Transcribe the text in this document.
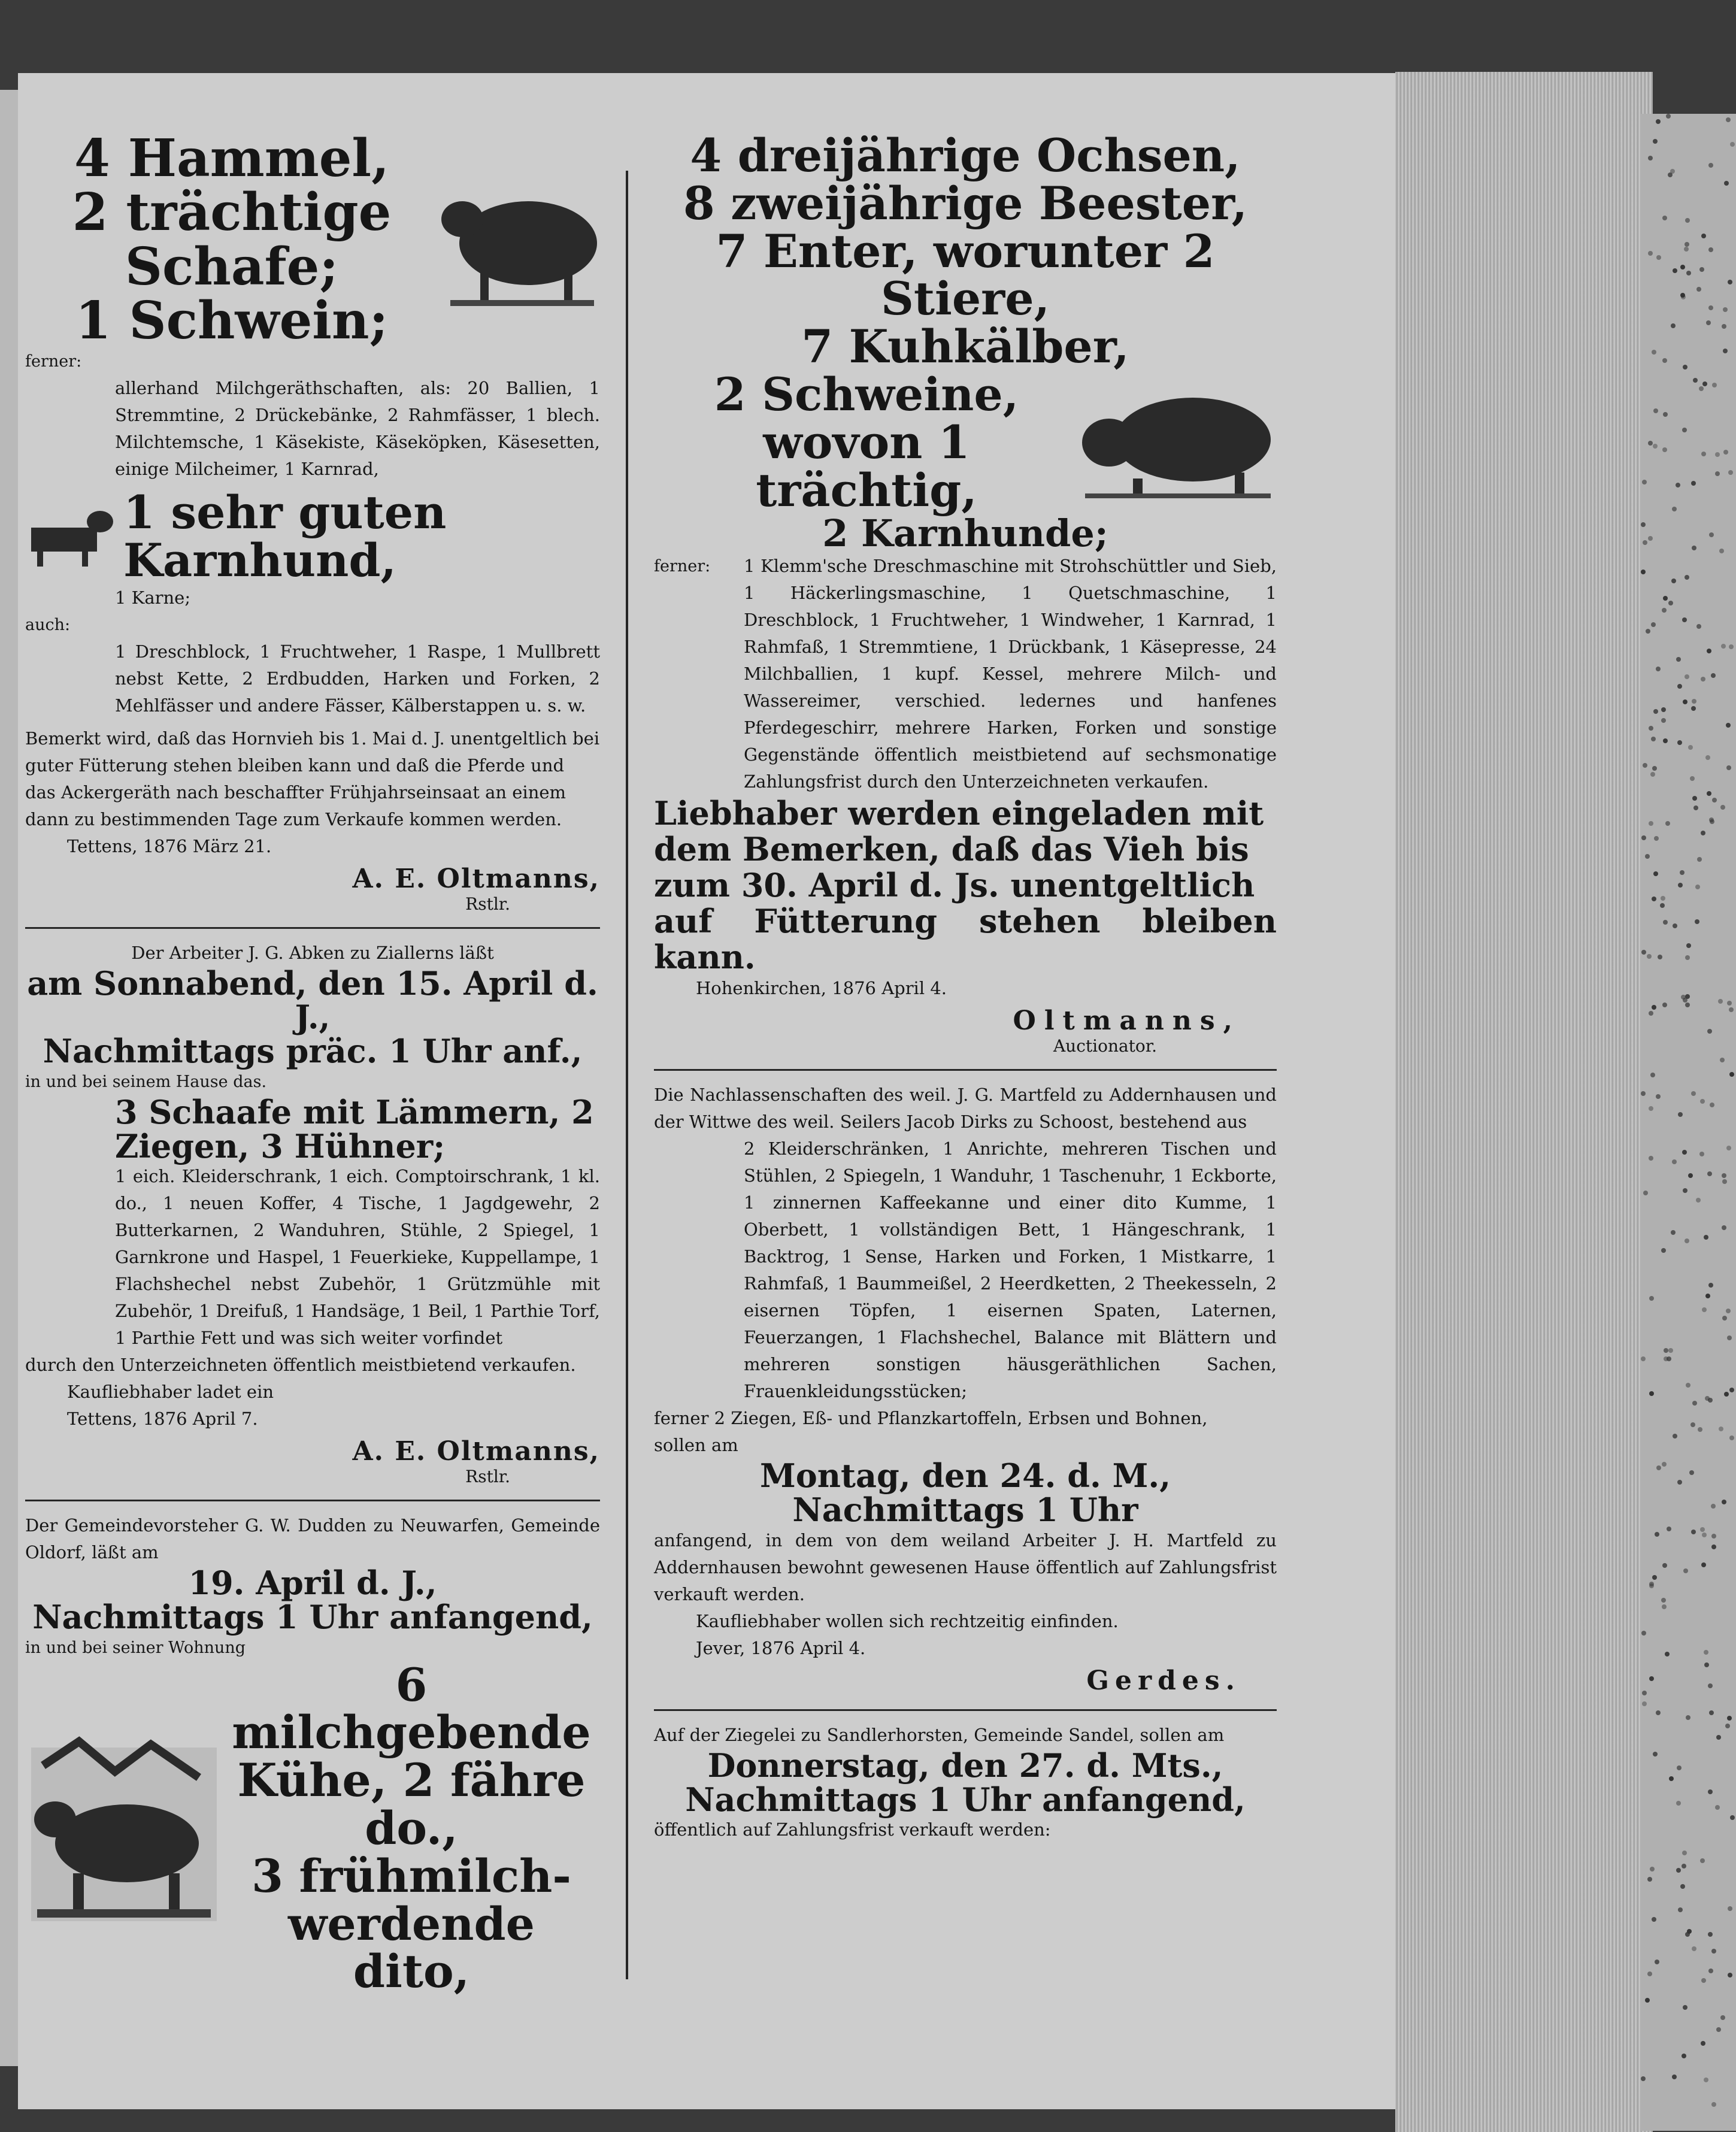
4 Hammel,

2 trächtige Schafe;

1 Schwein;

ferner:

allerhand Milchgeräthschaften, als: 20 Ballien, 1 Stremmtine, 2 Drückebänke, 2 Rahmfässer, 1 blech. Milchtemsche, 1 Käsekiste, Käseköpken, Käsesetten, einige Milcheimer, 1 Karnrad,

1 sehr guten Karnhund,

1 Karne;

auch:

1 Dreschblock, 1 Fruchtweher, 1 Raspe, 1 Mullbrett nebst Kette, 2 Erdbudden, Harken und Forken, 2 Mehlfässer und andere Fässer, Kälberstappen u. s. w.

Bemerkt wird, daß das Hornvieh bis 1. Mai d. J. unentgeltlich bei guter Fütterung stehen bleiben kann und daß die Pferde und das Ackergeräth nach beschaffter Frühjahrseinsaat an einem dann zu bestimmenden Tage zum Verkaufe kommen werden.

Tettens, 1876 März 21.

A. E. Oltmanns,

Rstlr.

Der Arbeiter J. G. Abken zu Ziallerns läßt

am Sonnabend, den 15. April d. J.,

Nachmittags präc. 1 Uhr anf.,

in und bei seinem Hause das.

3 Schaafe mit Lämmern, 2

Ziegen, 3 Hühner;

1 eich. Kleiderschrank, 1 eich. Comptoirschrank, 1 kl. do., 1 neuen Koffer, 4 Tische, 1 Jagdgewehr, 2 Butterkarnen, 2 Wanduhren, Stühle, 2 Spiegel, 1 Garnkrone und Haspel, 1 Feuerkieke, Kuppellampe, 1 Flachshechel nebst Zubehör, 1 Grützmühle mit Zubehör, 1 Dreifuß, 1 Handsäge, 1 Beil, 1 Parthie Torf, 1 Parthie Fett und was sich weiter vorfindet

durch den Unterzeichneten öffentlich meistbietend verkaufen.

Kaufliebhaber ladet ein

Tettens, 1876 April 7.

A. E. Oltmanns,

Rstlr.

Der Gemeindevorsteher G. W. Dudden zu Neuwarfen, Gemeinde Oldorf, läßt am

19. April d. J.,

Nachmittags 1 Uhr anfangend,

in und bei seiner Wohnung

6 milchgebende

Kühe, 2 fähre do.,

3 frühmilch-

werdende dito,

4 dreijährige Ochsen,

8 zweijährige Beester,

7 Enter, worunter 2 Stiere,

7 Kuhkälber,

2 Schweine,

wovon 1 trächtig,

2 Karnhunde;

ferner:	1 Klemm'sche Dreschmaschine mit Strohschüttler und Sieb, 1 Häckerlingsmaschine, 1 Quetschmaschine, 1 Dreschblock, 1 Fruchtweher, 1 Windweher, 1 Karnrad, 1 Rahmfaß, 1 Stremmtiene, 1 Drückbank, 1 Käsepresse, 24 Milchballien, 1 kupf. Kessel, mehrere Milch- und Wassereimer, verschied. ledernes und hanfenes Pferdegeschirr, mehrere Harken, Forken und sonstige Gegenstände öffentlich meistbietend auf sechsmonatige Zahlungsfrist durch den Unterzeichneten verkaufen.

Liebhaber werden eingeladen mit

dem Bemerken, daß das Vieh bis

zum 30. April d. Js. unentgeltlich

auf Fütterung stehen bleiben kann.

Hohenkirchen, 1876 April 4.

Oltmanns,

Auctionator.

Die Nachlassenschaften des weil. J. G. Martfeld zu Addernhausen und der Wittwe des weil. Seilers Jacob Dirks zu Schoost, bestehend aus

2 Kleiderschränken, 1 Anrichte, mehreren Tischen und Stühlen, 2 Spiegeln, 1 Wanduhr, 1 Taschenuhr, 1 Eckborte, 1 zinnernen Kaffeekanne und einer dito Kumme, 1 Oberbett, 1 vollständigen Bett, 1 Hängeschrank, 1 Backtrog, 1 Sense, Harken und Forken, 1 Mistkarre, 1 Rahmfaß, 1 Baummeißel, 2 Heerdketten, 2 Theekesseln, 2 eisernen Töpfen, 1 eisernen Spaten, Laternen, Feuerzangen, 1 Flachshechel, Balance mit Blättern und mehreren sonstigen häusgeräthlichen Sachen, Frauenkleidungsstücken;

ferner 2 Ziegen, Eß- und Pflanzkartoffeln, Erbsen und Bohnen,

sollen am

Montag, den 24. d. M.,

Nachmittags 1 Uhr

anfangend, in dem von dem weiland Arbeiter J. H. Martfeld zu Addernhausen bewohnt gewesenen Hause öffentlich auf Zahlungsfrist verkauft werden.

Kaufliebhaber wollen sich rechtzeitig einfinden.

Jever, 1876 April 4.

Gerdes.

Auf der Ziegelei zu Sandlerhorsten, Gemeinde Sandel, sollen am

Donnerstag, den 27. d. Mts.,

Nachmittags 1 Uhr anfangend,

öffentlich auf Zahlungsfrist verkauft werden:
